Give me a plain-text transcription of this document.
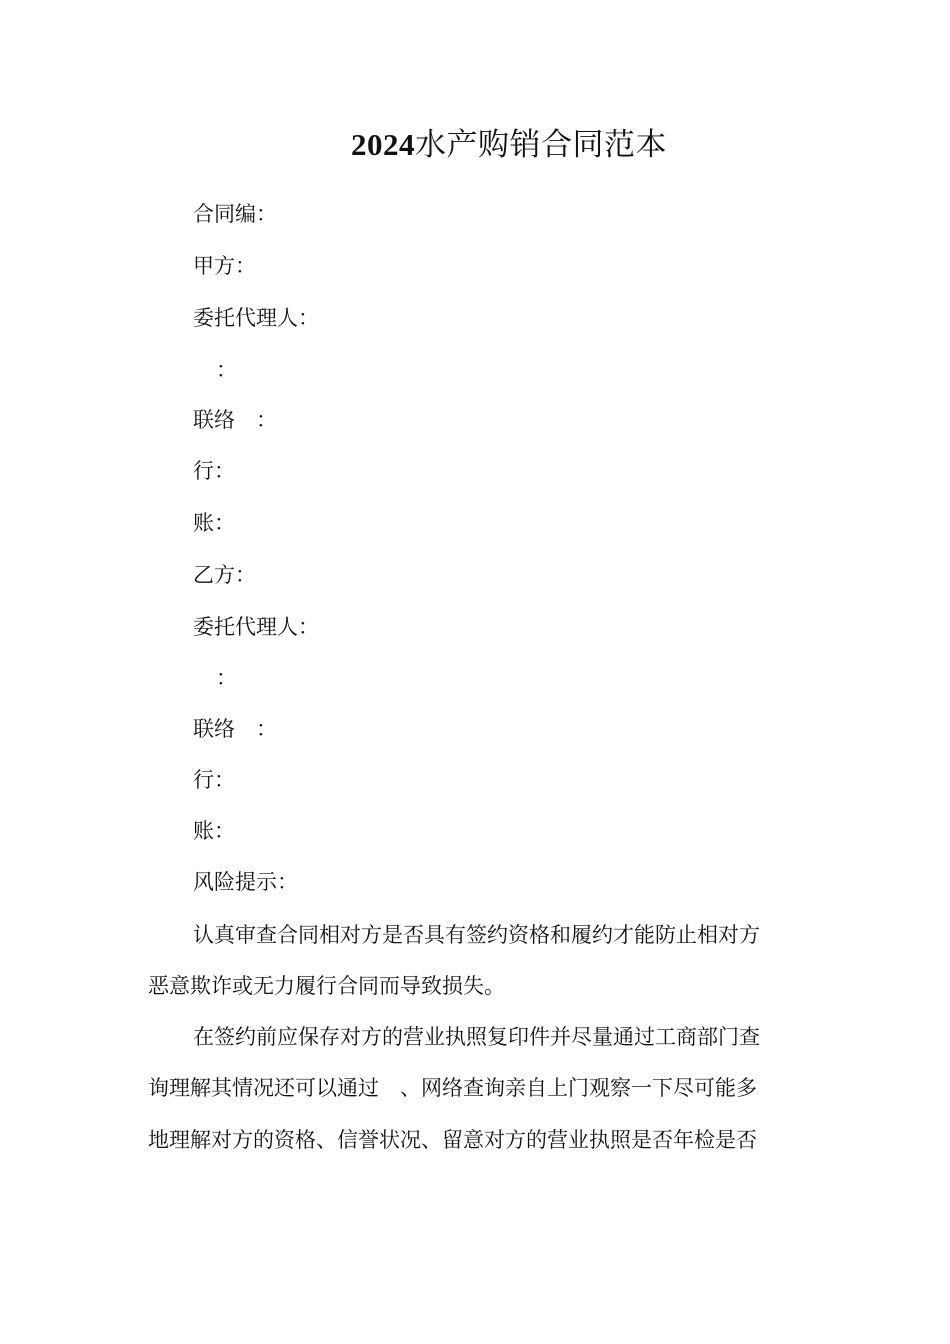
2024水产购销合同范本
合同编：
甲方：
委托代理人：
：
联络　：
行：
账：
乙方：
委托代理人：
：
联络　：
行：
账：
风险提示：
认真审查合同相对方是否具有签约资格和履约才能防止相对方
恶意欺诈或无力履行合同而导致损失。
在签约前应保存对方的营业执照复印件并尽量通过工商部门查
询理解其情况还可以通过　、网络查询亲自上门观察一下尽可能多
地理解对方的资格、信誉状况、留意对方的营业执照是否年检是否
